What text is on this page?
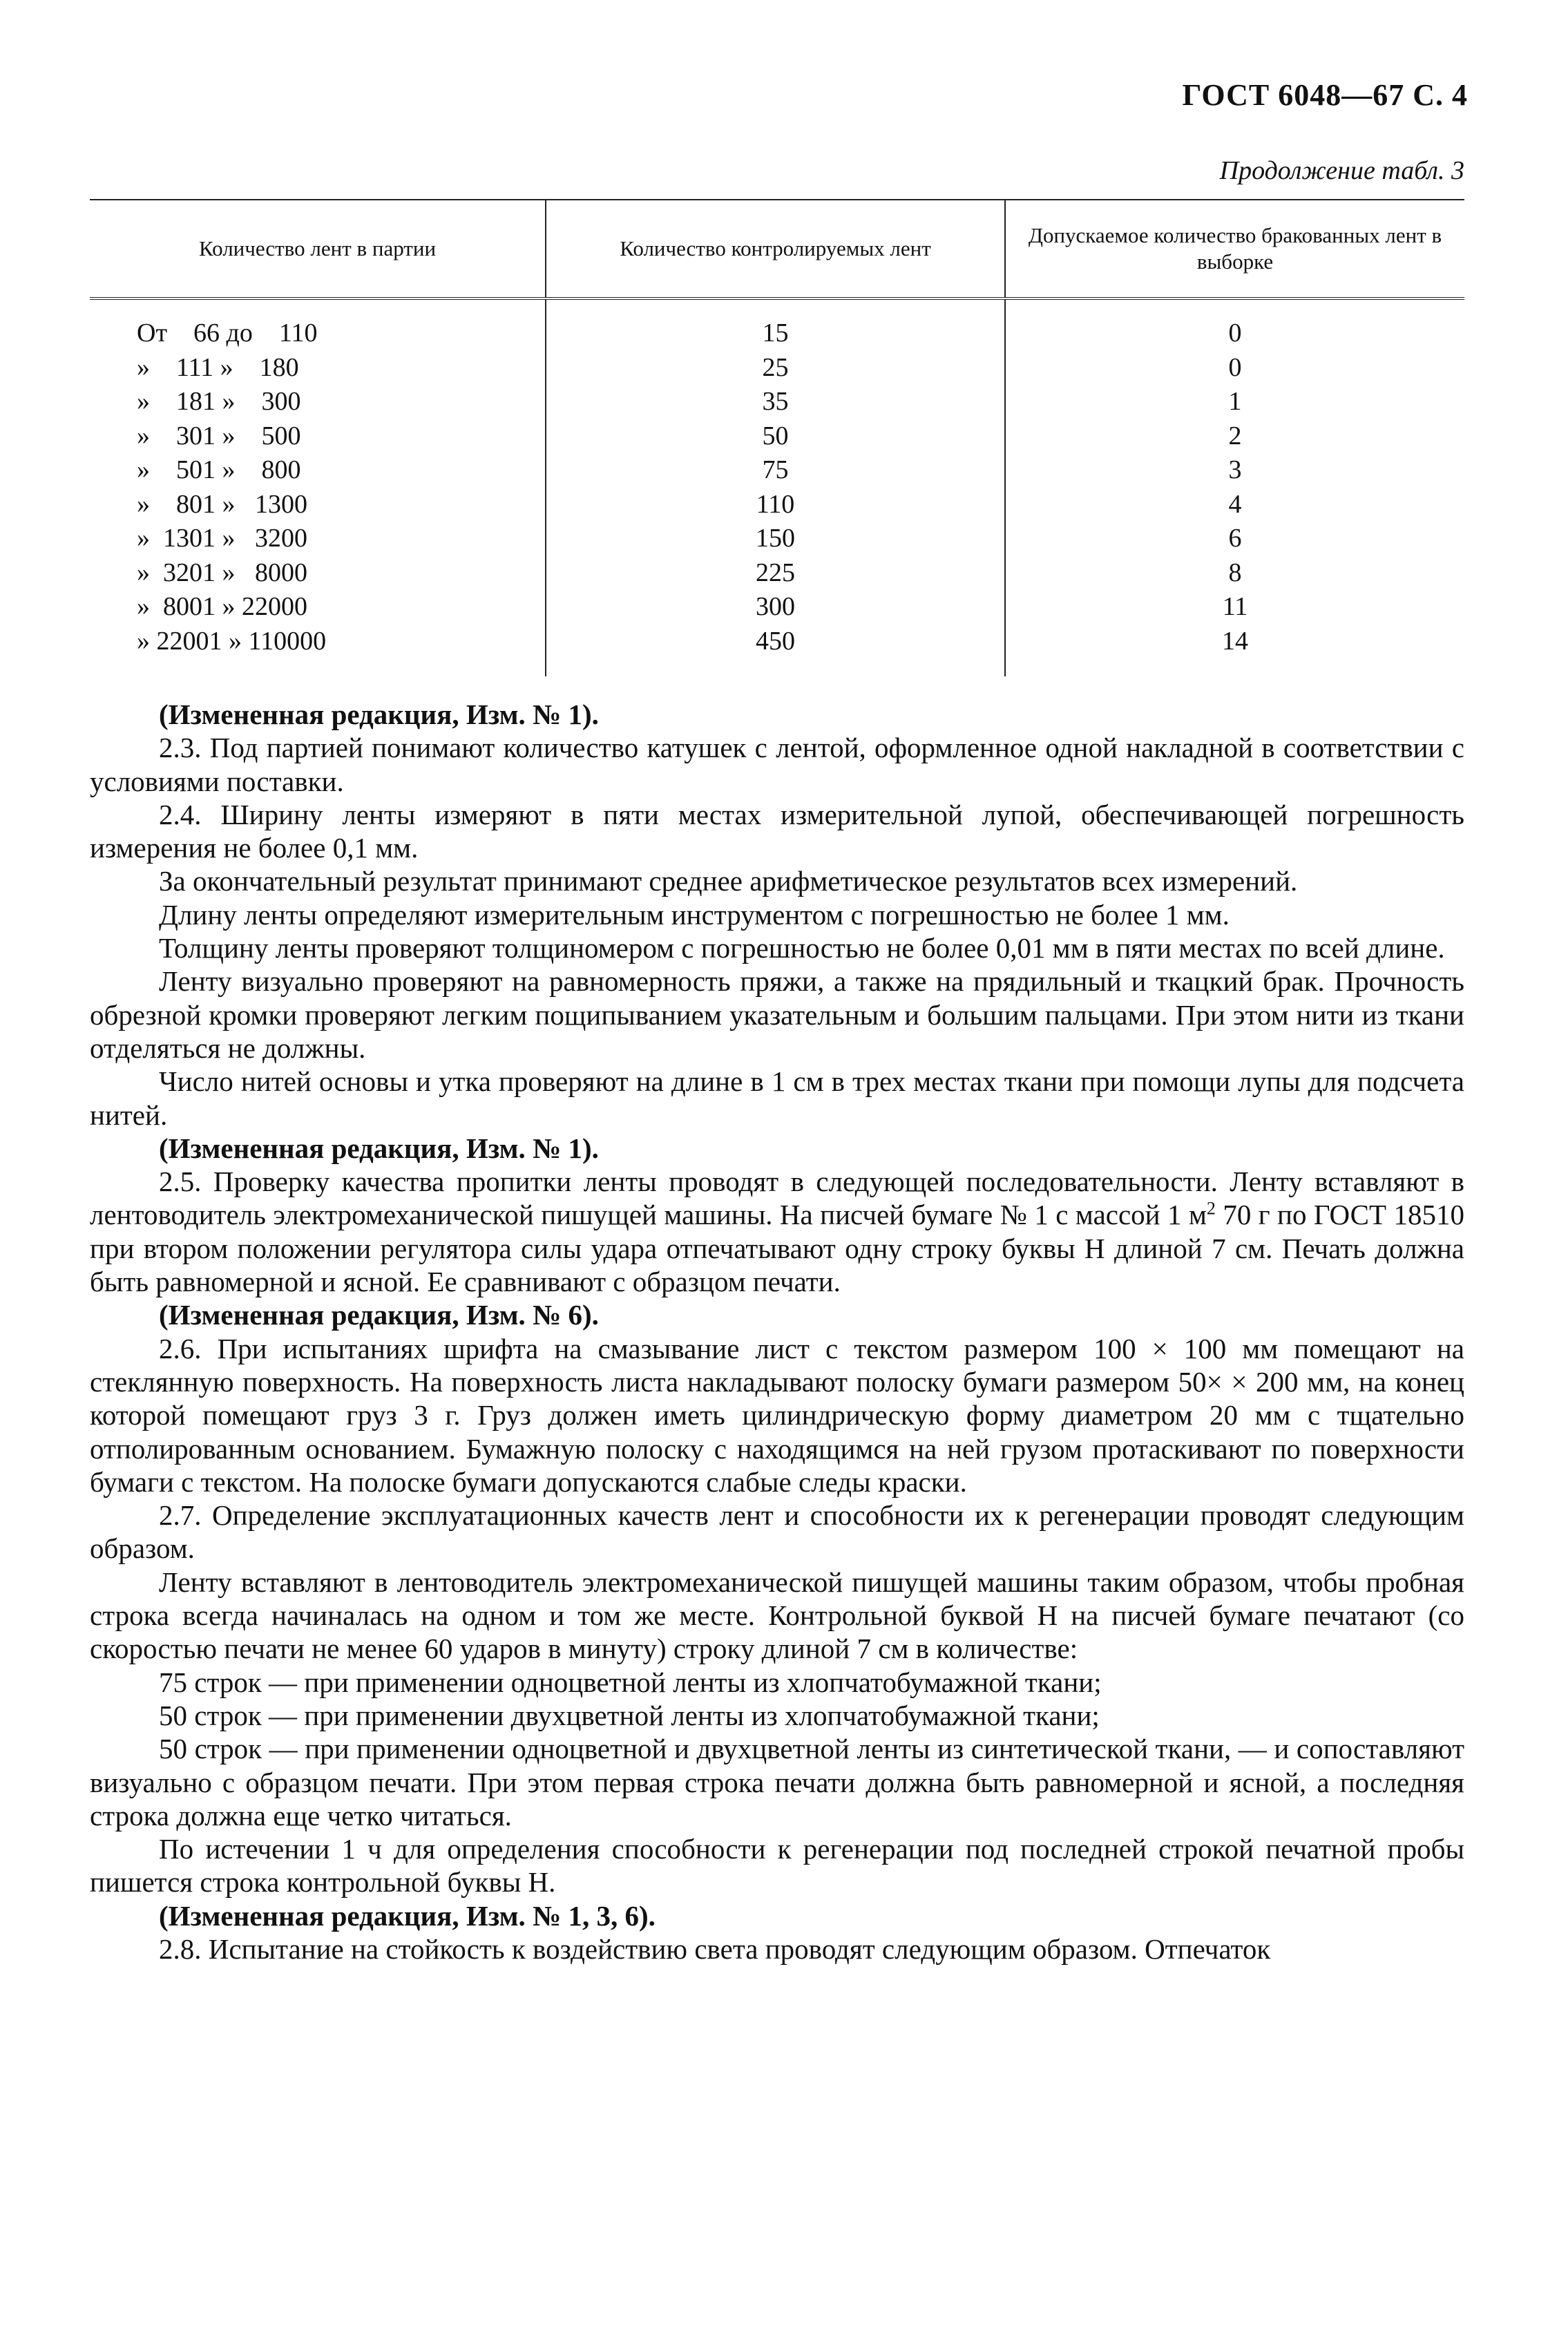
ГОСТ 6048—67 С. 4
Продолжение табл. 3
Количество лент в партии	Количество контролируемых лент	Допускаемое количество бракованных лент в выборке
От    66 до    110	15	0
»    111 »    180	25	0
»    181 »    300	35	1
»    301 »    500	50	2
»    501 »    800	75	3
»    801 »   1300	110	4
»  1301 »   3200	150	6
»  3201 »   8000	225	8
»  8001 » 22000	300	11
» 22001 » 110000	450	14

(Измененная редакция, Изм. № 1).

2.3. Под партией понимают количество катушек с лентой, оформленное одной накладной в соответствии с условиями поставки.

2.4. Ширину ленты измеряют в пяти местах измерительной лупой, обеспечивающей погрешность измерения не более 0,1 мм.

За окончательный результат принимают среднее арифметическое результатов всех измерений.

Длину ленты определяют измерительным инструментом с погрешностью не более 1 мм.

Толщину ленты проверяют толщиномером с погрешностью не более 0,01 мм в пяти местах по всей длине.

Ленту визуально проверяют на равномерность пряжи, а также на прядильный и ткацкий брак. Прочность обрезной кромки проверяют легким пощипыванием указательным и большим пальцами. При этом нити из ткани отделяться не должны.

Число нитей основы и утка проверяют на длине в 1 см в трех местах ткани при помощи лупы для подсчета нитей.

(Измененная редакция, Изм. № 1).

2.5. Проверку качества пропитки ленты проводят в следующей последовательности. Ленту вставляют в лентоводитель электромеханической пишущей машины. На писчей бумаге № 1 с массой 1 $м^2$ 70 г по ГОСТ 18510 при втором положении регулятора силы удара отпечатывают одну строку буквы Н длиной 7 см. Печать должна быть равномерной и ясной. Ее сравнивают с образцом печати.

(Измененная редакция, Изм. № 6).

2.6. При испытаниях шрифта на смазывание лист с текстом размером 100 × 100 мм помещают на стеклянную поверхность. На поверхность листа накладывают полоску бумаги размером 50× × 200 мм, на конец которой помещают груз 3 г. Груз должен иметь цилиндрическую форму диаметром 20 мм с тщательно отполированным основанием. Бумажную полоску с находящимся на ней грузом протаскивают по поверхности бумаги с текстом. На полоске бумаги допускаются слабые следы краски.

2.7. Определение эксплуатационных качеств лент и способности их к регенерации проводят следующим образом.

Ленту вставляют в лентоводитель электромеханической пишущей машины таким образом, чтобы пробная строка всегда начиналась на одном и том же месте. Контрольной буквой Н на писчей бумаге печатают (со скоростью печати не менее 60 ударов в минуту) строку длиной 7 см в количестве:

75 строк — при применении одноцветной ленты из хлопчатобумажной ткани;

50 строк — при применении двухцветной ленты из хлопчатобумажной ткани;

50 строк — при применении одноцветной и двухцветной ленты из синтетической ткани, — и сопоставляют визуально с образцом печати. При этом первая строка печати должна быть равномерной и ясной, а последняя строка должна еще четко читаться.

По истечении 1 ч для определения способности к регенерации под последней строкой печатной пробы пишется строка контрольной буквы Н.

(Измененная редакция, Изм. № 1, 3, 6).

2.8. Испытание на стойкость к воздействию света проводят следующим образом. Отпечаток
